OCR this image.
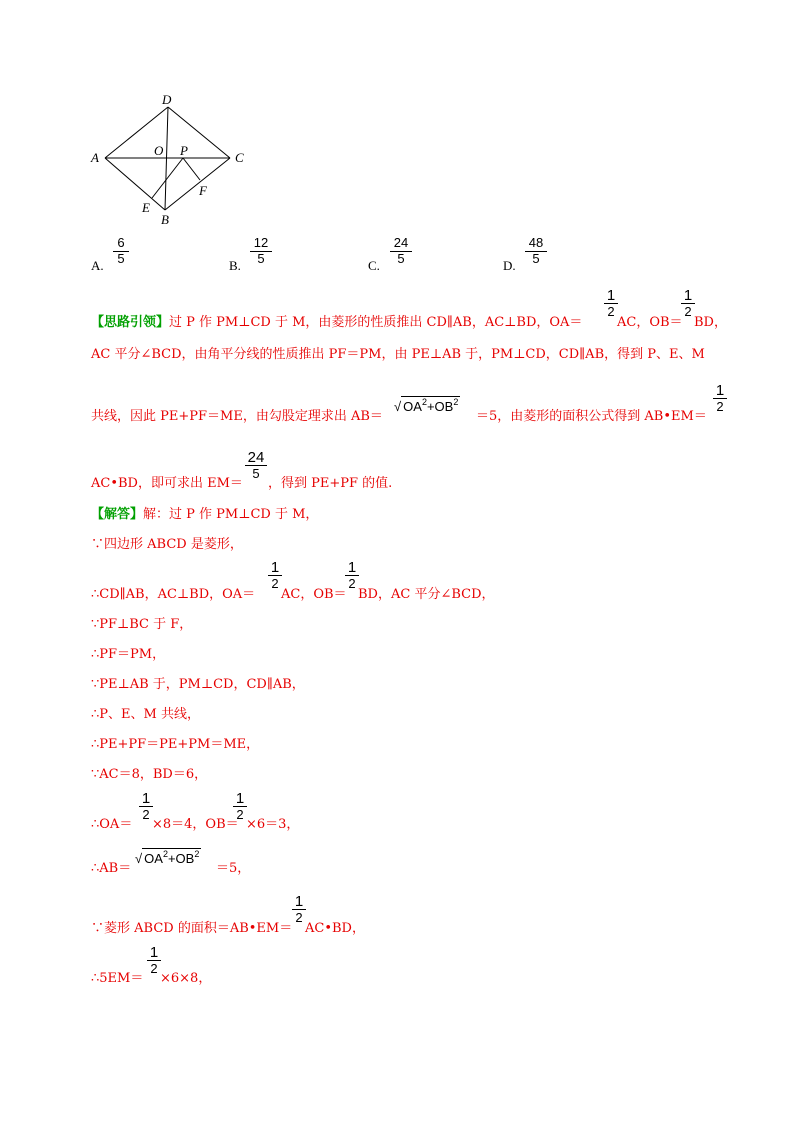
D
A	O P	C
F
E
B
A. $\frac{6}{5}$	B. $\frac{12}{5}$	C. $\frac{24}{5}$	D. $\frac{48}{5}$
【思路引领】过 P 作 PM⊥CD 于 M，由菱形的性质推出 CD∥AB，AC⊥BD，OA＝
$\frac{1}{2}$
AC，OB＝
$\frac{1}{2}$
BD，
AC 平分∠BCD，由角平分线的性质推出 PF＝PM，由 PE⊥AB 于，PM⊥CD，CD∥AB，得到 P、E、M
共线，因此 PE+PF＝ME，由勾股定理求出 AB＝
√ $OA^2+OB^2$
＝5，由菱形的面积公式得到 AB•EM＝
$\frac{1}{2}$
AC•BD，即可求出 EM＝
$\frac{24}{5}$
，得到 PE+PF 的值.
【解答】解：过 P 作 PM⊥CD 于 M，
∵四边形 ABCD 是菱形，
∴CD∥AB，AC⊥BD，OA＝
$\frac{1}{2}$
AC，OB＝
$\frac{1}{2}$
BD，AC 平分∠BCD，
∵PF⊥BC 于 F，
∴PF＝PM，
∵PE⊥AB 于，PM⊥CD，CD∥AB，
∴P、E、M 共线，
∴PE+PF＝PE+PM＝ME，
∵AC＝8，BD＝6，
∴OA＝
$\frac{1}{2}$
×8＝4，OB＝
$\frac{1}{2}$
×6＝3，
∴AB＝
√ $OA^2+OB^2$
＝5，
∵菱形 ABCD 的面积＝AB•EM＝
$\frac{1}{2}$
AC•BD，
∴5EM＝
$\frac{1}{2}$
×6×8，
